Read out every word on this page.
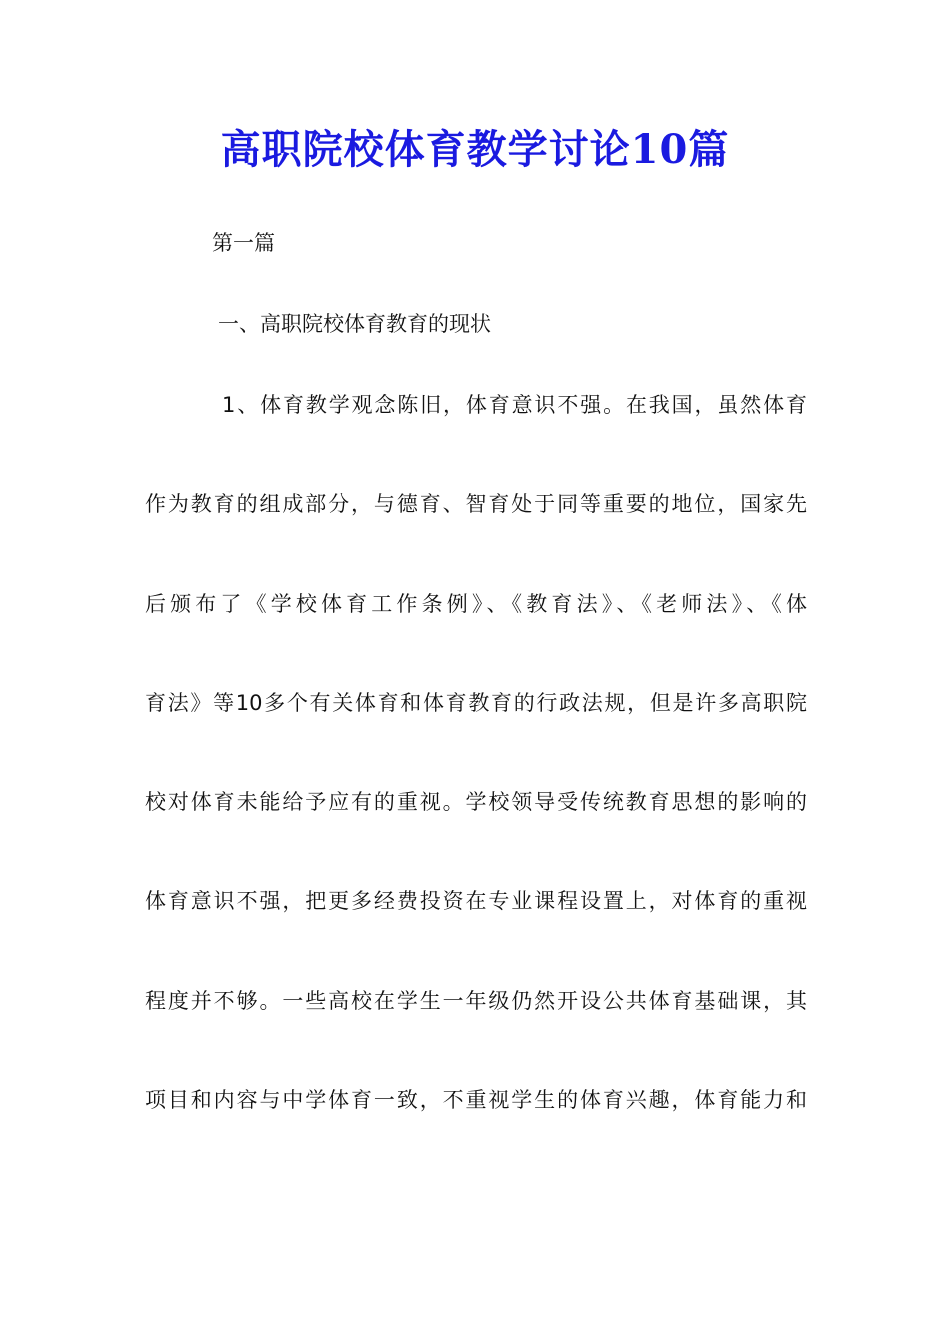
高职院校体育教学讨论10篇

第一篇

一、高职院校体育教育的现状

1、体育教学观念陈旧，体育意识不强。在我国，虽然体育

作为教育的组成部分，与德育、智育处于同等重要的地位，国家先

后颁布了《学校体育工作条例》、《教育法》、《老师法》、《体

育法》等10多个有关体育和体育教育的行政法规，但是许多高职院

校对体育未能给予应有的重视。学校领导受传统教育思想的影响的

体育意识不强，把更多经费投资在专业课程设置上，对体育的重视

程度并不够。一些高校在学生一年级仍然开设公共体育基础课，其

项目和内容与中学体育一致，不重视学生的体育兴趣，体育能力和
